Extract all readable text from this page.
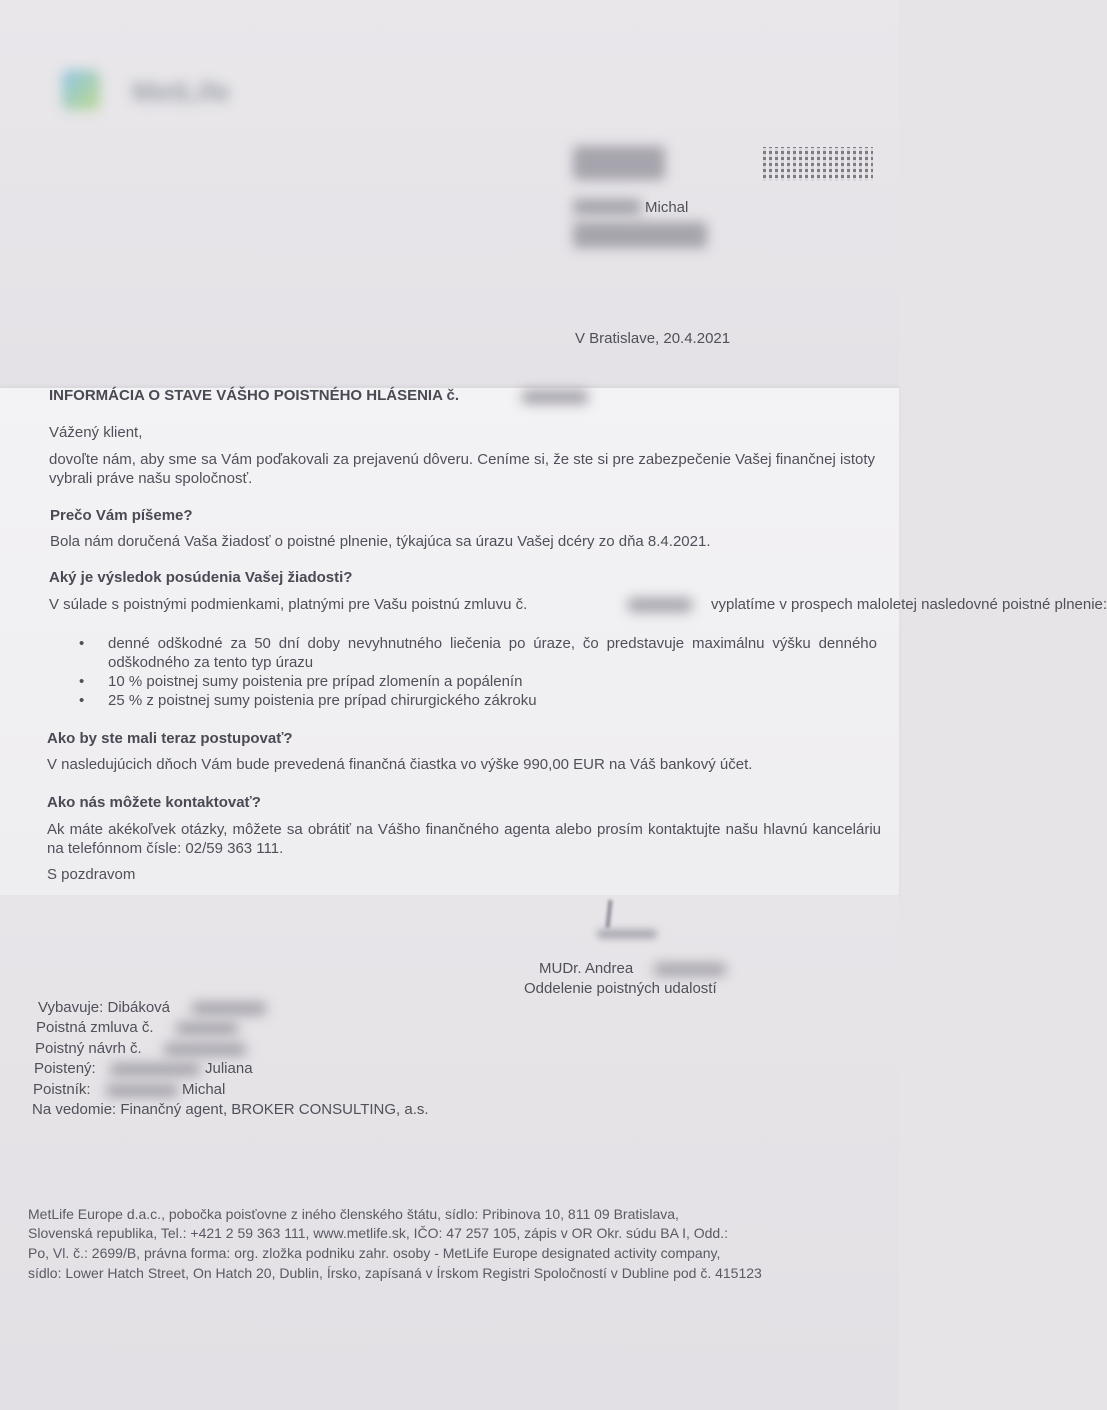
MetLife
Michal
V Bratislave, 20.4.2021
INFORMÁCIA O STAVE VÁŠHO POISTNÉHO HLÁSENIA č.
Vážený klient,
dovoľte nám, aby sme sa Vám poďakovali za prejavenú dôveru. Ceníme si, že ste si pre zabezpečenie Vašej finančnej istoty vybrali práve našu spoločnosť.
Prečo Vám píšeme?
Bola nám doručená Vaša žiadosť o poistné plnenie, týkajúca sa úrazu Vašej dcéry zo dňa 8.4.2021.
Aký je výsledok posúdenia Vašej žiadosti?
V súlade s poistnými podmienkami, platnými pre Vašu poistnú zmluvu č.	vyplatíme v prospech maloletej nasledovné poistné plnenie:
• denné odškodné za 50 dní doby nevyhnutného liečenia po úraze, čo predstavuje maximálnu výšku denného odškodného za tento typ úrazu
• 10 % poistnej sumy poistenia pre prípad zlomenín a popálenín
• 25 % z poistnej sumy poistenia pre prípad chirurgického zákroku
Ako by ste mali teraz postupovať?
V nasledujúcich dňoch Vám bude prevedená finančná čiastka vo výške 990,00 EUR na Váš bankový účet.
Ako nás môžete kontaktovať?
Ak máte akékoľvek otázky, môžete sa obrátiť na Vášho finančného agenta alebo prosím kontaktujte našu hlavnú kanceláriu na telefónnom čísle: 02/59 363 111.
S pozdravom
MUDr. Andrea
Oddelenie poistných udalostí
Vybavuje: Dibáková
Poistná zmluva č.
Poistný návrh č.
Poistený:	Juliana
Poistník:	Michal
Na vedomie: Finančný agent, BROKER CONSULTING, a.s.
MetLife Europe d.a.c., pobočka poisťovne z iného členského štátu, sídlo: Pribinova 10, 811 09 Bratislava,
Slovenská republika, Tel.: +421 2 59 363 111, www.metlife.sk, IČO: 47 257 105, zápis v OR Okr. súdu BA I, Odd.:
Po, Vl. č.: 2699/B, právna forma: org. zložka podniku zahr. osoby - MetLife Europe designated activity company,
sídlo: Lower Hatch Street, On Hatch 20, Dublin, Írsko, zapísaná v Írskom Registri Spoločností v Dubline pod č. 415123
